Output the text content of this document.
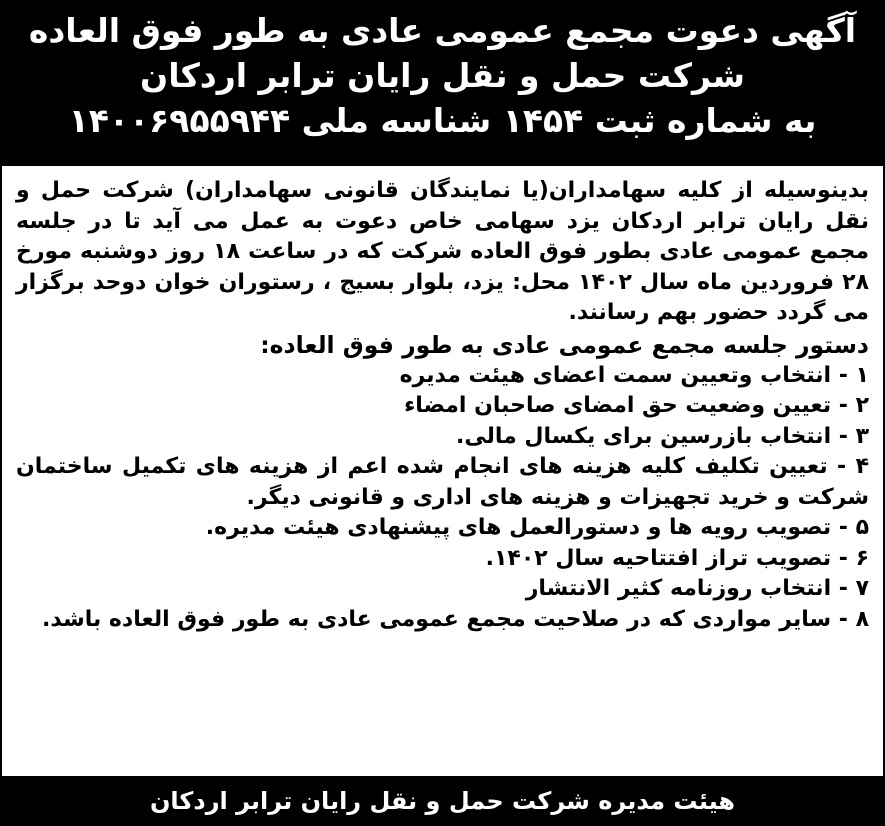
آگهی دعوت مجمع عمومی عادی به طور فوق العاده
شرکت حمل و نقل رایان ترابر اردکان
به شماره ثبت ۱۴۵۴ شناسه ملی ۱۴۰۰۶۹۵۵۹۴۴

بدینوسیله از کلیه سهامداران(یا نمایندگان قانونی سهامداران) شرکت حمل و نقل رایان ترابر اردکان یزد سهامی خاص دعوت به عمل می آید تا در جلسه مجمع عمومی عادی بطور فوق العاده شرکت که در ساعت ۱۸ روز دوشنبه مورخ ۲۸ فروردین ماه سال ۱۴۰۲ محل: یزد، بلوار بسیج ، رستوران خوان دوحد برگزار می گردد حضور بهم رسانند.

دستور جلسه مجمع عمومی عادی به طور فوق العاده:

۱ - انتخاب وتعیین سمت اعضای هیئت مدیره

۲ - تعیین وضعیت حق امضای صاحبان امضاء

۳ - انتخاب بازرسین برای یکسال مالی.

۴ - تعیین تکلیف کلیه هزینه های انجام شده اعم از هزینه های تکمیل ساختمان شرکت و خرید تجهیزات و هزینه های اداری و قانونی دیگر.

۵ - تصویب رویه ها و دستورالعمل های پیشنهادی هیئت مدیره.

۶ - تصویب تراز افتتاحیه سال ۱۴۰۲.

۷ - انتخاب روزنامه کثیر الانتشار

۸ - سایر مواردی که در صلاحیت مجمع عمومی عادی به طور فوق العاده باشد.

هیئت مدیره شرکت حمل و نقل رایان ترابر اردکان
